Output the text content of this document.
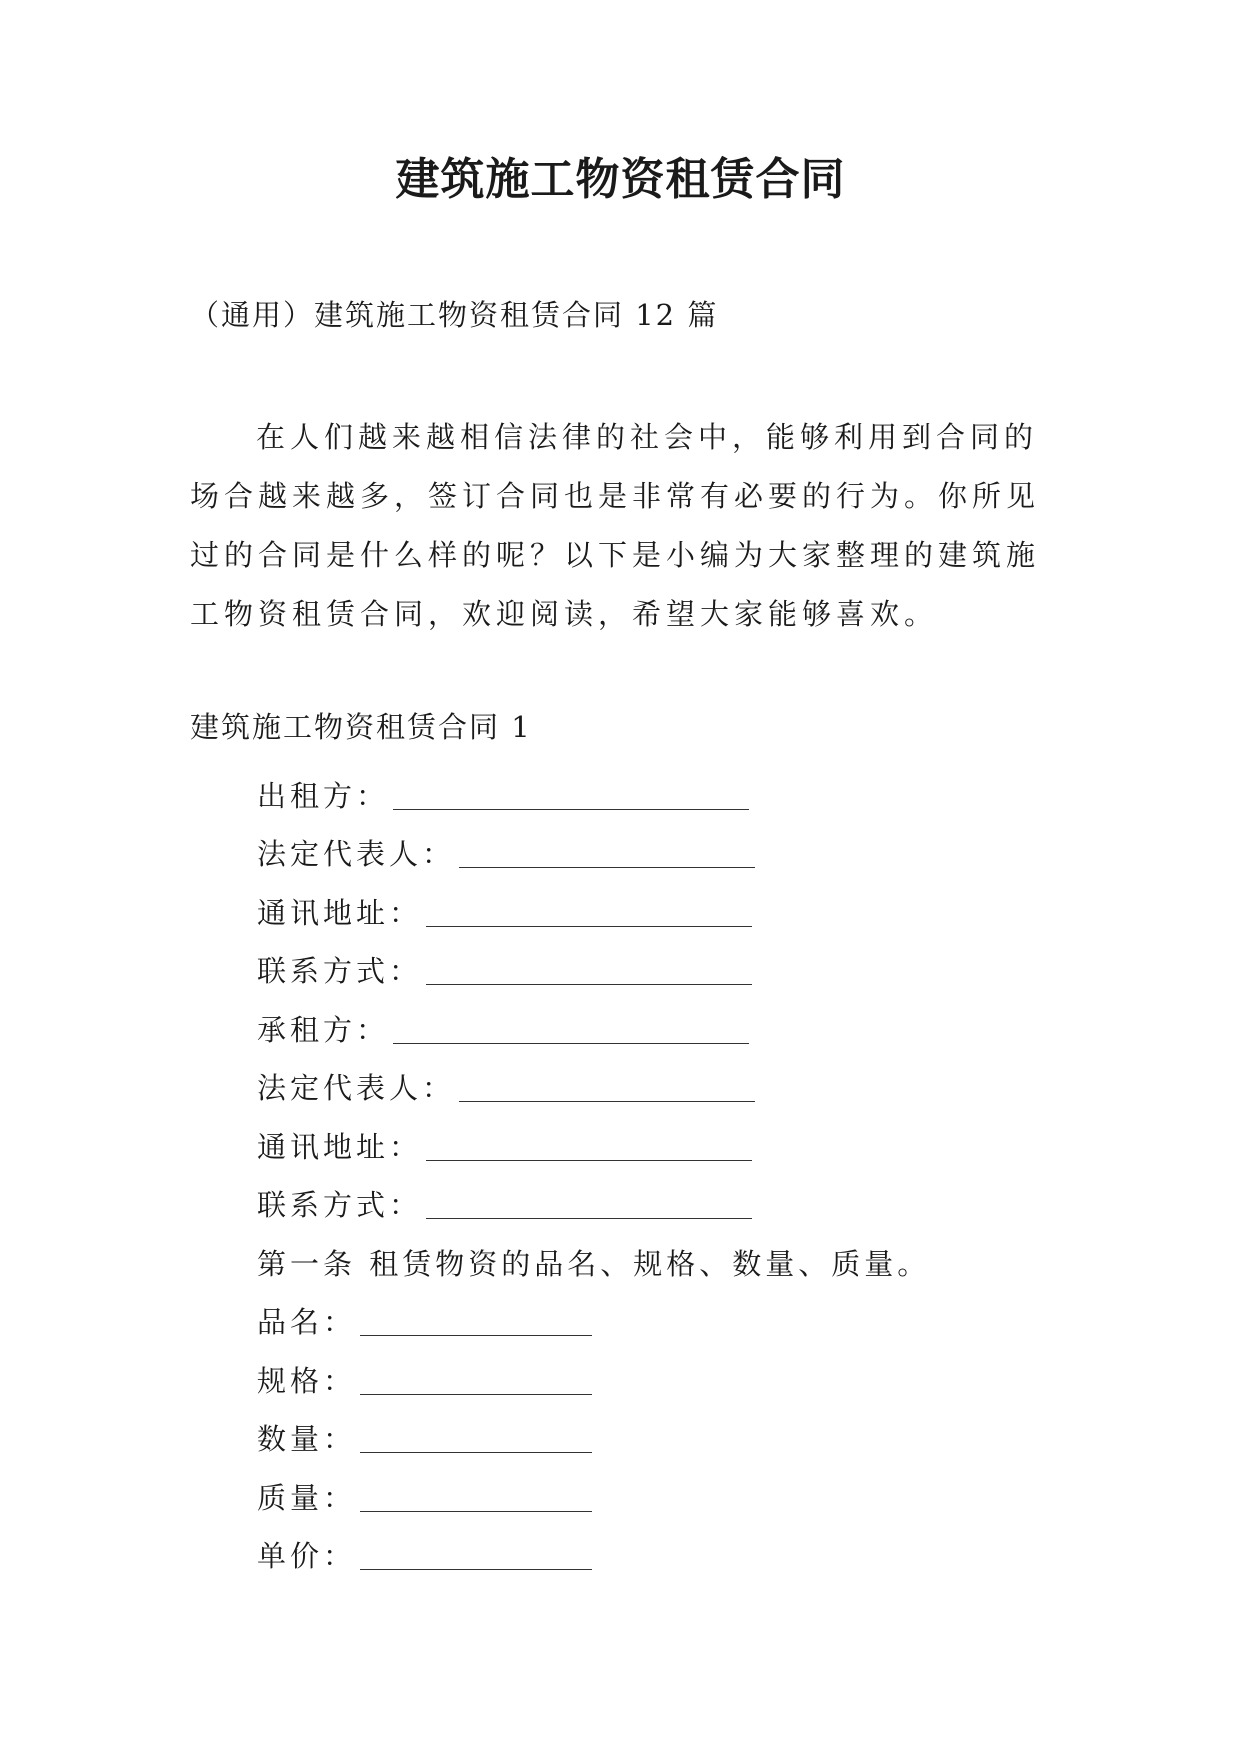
建筑施工物资租赁合同

（通用）建筑施工物资租赁合同 12 篇

在人们越来越相信法律的社会中，能够利用到合同的场合越来越多，签订合同也是非常有必要的行为。你所见过的合同是什么样的呢？以下是小编为大家整理的建筑施工物资租赁合同，欢迎阅读，希望大家能够喜欢。

建筑施工物资租赁合同 1

出租方：
法定代表人：
通讯地址：
联系方式：
承租方：
法定代表人：
通讯地址：
联系方式：
第一条 租赁物资的品名、规格、数量、质量。
品名：
规格：
数量：
质量：
单价：
